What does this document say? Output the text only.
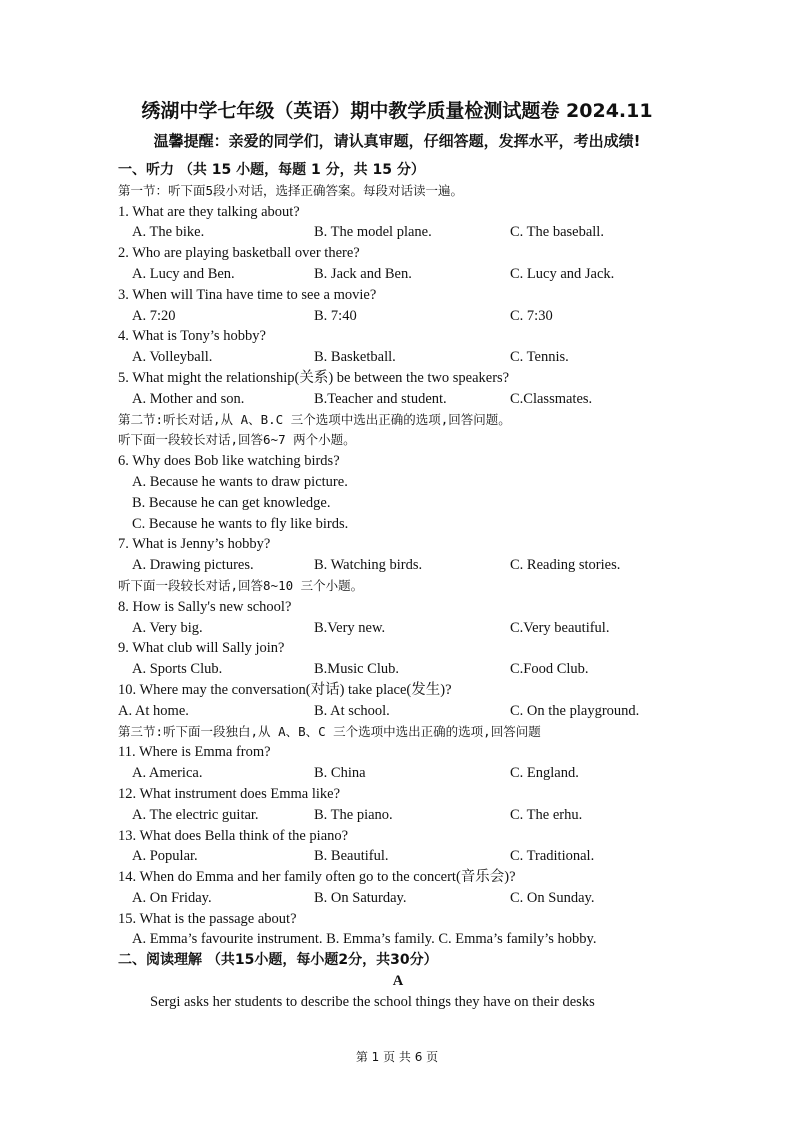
绣湖中学七年级（英语）期中教学质量检测试题卷 2024.11
温馨提醒：亲爱的同学们，请认真审题，仔细答题，发挥水平，考出成绩!
一、听力 （共 15 小题，每题 1 分，共 15 分）
第一节：听下面5段小对话，选择正确答案。每段对话读一遍。
1. What are they talking about?
A. The bike.	B. The model plane.	C. The baseball.
2. Who are playing basketball over there?
A. Lucy and Ben.	B. Jack and Ben.	C. Lucy and Jack.
3. When will Tina have time to see a movie?
A. 7:20	B. 7:40	C. 7:30
4. What is Tony’s hobby?
A. Volleyball.	B. Basketball.	C. Tennis.
5. What might the relationship(关系) be between the two speakers?
A. Mother and son.	B.Teacher and student.	C.Classmates.
第二节:听长对话,从 A、B.C 三个选项中选出正确的选项,回答问题。
听下面一段较长对话,回答6~7 两个小题。
6. Why does Bob like watching birds?
A. Because he wants to draw picture.
B. Because he can get knowledge.
C. Because he wants to fly like birds.
7. What is Jenny’s hobby?
A. Drawing pictures.	B. Watching birds.	C. Reading stories.
听下面一段较长对话,回答8~10 三个小题。
8. How is Sally's new school?
A. Very big.	B.Very new.	C.Very beautiful.
9. What club will Sally join?
A. Sports Club.	B.Music Club.	C.Food Club.
10. Where may the conversation(对话) take place(发生)?
A. At home.	B. At school.	C. On the playground.
第三节:听下面一段独白,从 A、B、C 三个选项中选出正确的选项,回答问题
11. Where is Emma from?
A. America.	B. China	C. England.
12. What instrument does Emma like?
A. The electric guitar.	B. The piano.	C. The erhu.
13. What does Bella think of the piano?
A. Popular.	B. Beautiful.	C. Traditional.
14. When do Emma and her family often go to the concert(音乐会)?
A. On Friday.	B. On Saturday.	C. On Sunday.
15. What is the passage about?
A. Emma’s favourite instrument. B. Emma’s family. C. Emma’s family’s hobby.
二、阅读理解 （共15小题，每小题2分，共30分）
A
Sergi asks her students to describe the school things they have on their desks
第 1 页 共 6 页
